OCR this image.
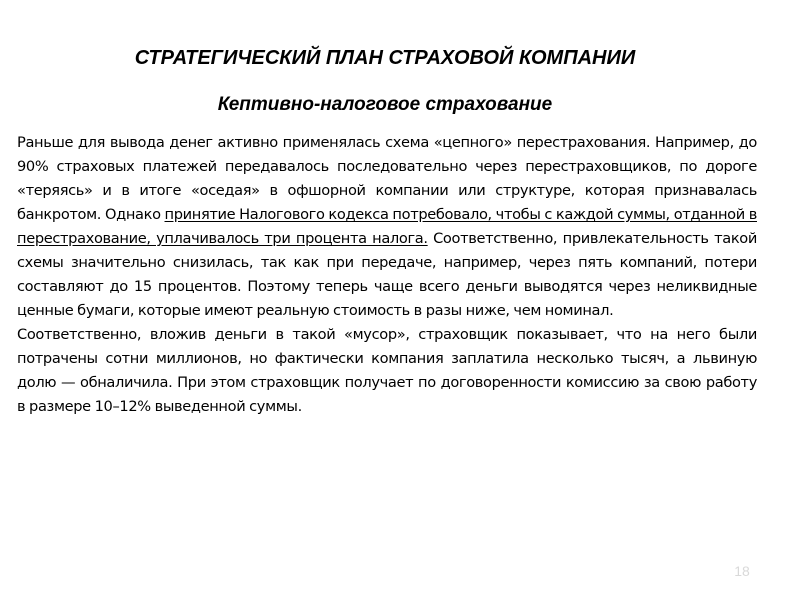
СТРАТЕГИЧЕСКИЙ ПЛАН СТРАХОВОЙ КОМПАНИИ
Кептивно-налоговое страхование

Раньше для вывода денег активно применялась схема «цепного» перестрахования. Например, до 90% страховых платежей передавалось последовательно через перестраховщиков, по дороге «теряясь» и в итоге «оседая» в офшорной компании или структуре, которая признавалась банкротом. Однако принятие Налогового кодекса потребовало, чтобы с каждой суммы, отданной в перестрахование, уплачивалось три процента налога. Соответственно, привлекательность такой схемы значительно снизилась, так как при передаче, например, через пять компаний, потери составляют до 15 процентов. Поэтому теперь чаще всего деньги выводятся через неликвидные ценные бумаги, которые имеют реальную стоимость в разы ниже, чем номинал.

Соответственно, вложив деньги в такой «мусор», страховщик показывает, что на него были потрачены сотни миллионов, но фактически компания заплатила несколько тысяч, а львиную долю — обналичила. При этом страховщик получает по договоренности комиссию за свою работу в размере 10–12% выведенной суммы.

18
